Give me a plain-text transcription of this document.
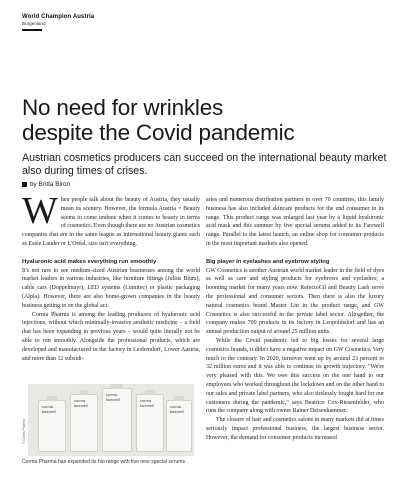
World Champion Austria
Burgenland
No need for wrinkles
despite the Covid pandemic
Austrian cosmetics producers can succeed on the international beauty market also during times of crises.
by Britta Biron

When people talk about the beauty of Austria, they usually mean its scenery. However, the formula Austria = Beauty seems to come undone when it comes to beauty in terms of cosmetics. Even though there are no Austrian cosmetics companies that are in the same league as international beauty giants such as Estée Lauder or L'Oréal, size isn't everything.

Hyaluronic acid makes everything run smoothly

It's not rare to see medium-sized Austrian businesses among the world market leaders in various industries, like furniture fittings (Julius Blum), cable cars (Doppelmayr), LED systems (Lumitec) or plastic packaging (Alpla). However, there are also home-grown companies in the beauty business getting in on the global act.

Corma Pharma is among the leading producers of hyaluronic acid injections, without which minimally-invasive aesthetic medicine – a field that has been expanding in previous years – would quite literally not be able to run smoothly. Alongside the professional products, which are developed and manufactured in the factory in Leobendorf, Lower Austria, and more than 12 subsidi-

aries and numerous distribution partners in over 70 countries, this family business has also included skincare products for the end consumer in its range. This product range was enlarged last year by a liquid hyaluronic acid mask and this summer by five special serums added to its Farewell range. Parallel to the latest launch, an online shop for consumer products in the most important markets also opened.

Big player in eyelashes and eyebrow styling

GW Cosmetics is another Austrian world market leader in the field of dyes as well as care and styling products for eyebrows and eyelashes; a booming market for many years now. RefectoCil and Beauty Lash serve the professional and consumer sectors. Then there is also the luxury natural cosmetics brand Master Lin in the product range, and GW Cosmetics is also successful in the private label sector. Altogether, the company makes 700 products in its factory in Leopoldsdorf and has an annual production output of around 25 million units.

While the Covid pandemic led to big losses for several large cosmetics brands, it didn't have a negative impact on GW Cosmetics. Very much to the contrary. In 2020, turnover went up by around 23 percent to 32 million euros and it was able to continue its growth trajectory. "We're very pleased with this. We owe this success on the one hand to our employees who worked throughout the lockdown and on the other hand to our sales and private label partners, who also tirelessly fought hard for our customers during the pandemic," says Beatrice Cox-Riesenfelder, who runs the company along with owner Rainer Deisenhammer.

The closure of hair and cosmetics salons in many markets did at times seriously impact professional business, the largest business sector. However, the demand for consumer products increased

© Corma Pharma
corma farewell
corma farewell
corma farewell	corma farewell	corma farewell
Corma Pharma has expanded its hlo range with five new special serums.
